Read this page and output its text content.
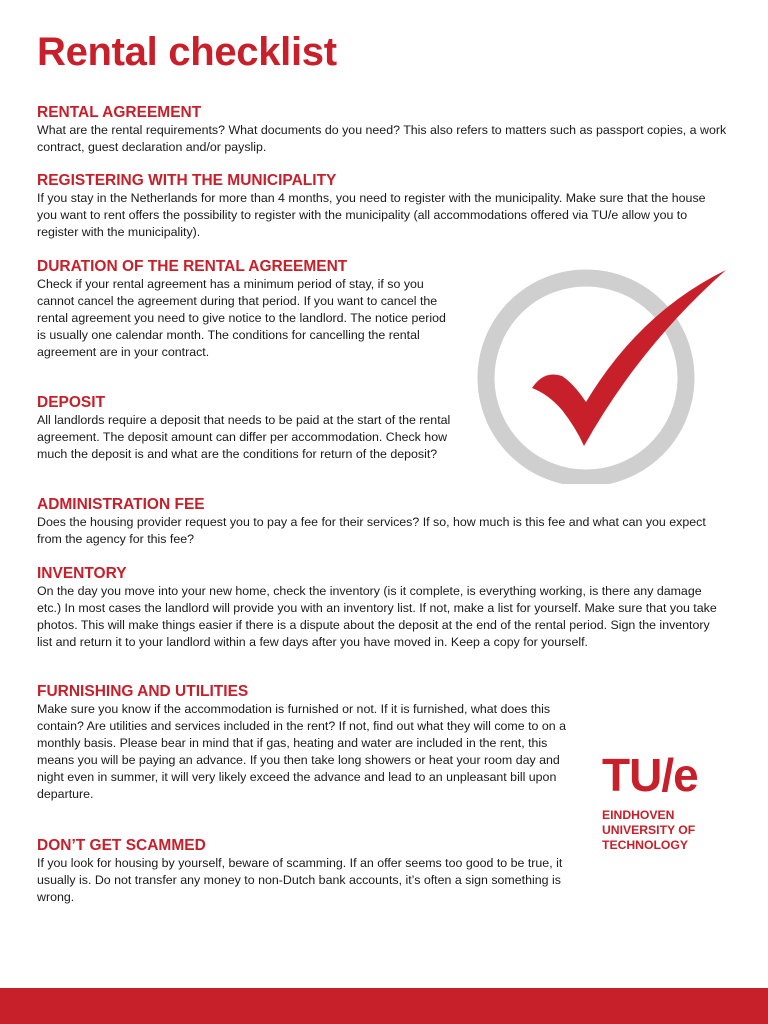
Rental checklist
RENTAL AGREEMENT

What are the rental requirements? What documents do you need? This also refers to matters such as passport copies, a work contract, guest declaration and/or payslip.

REGISTERING WITH THE MUNICIPALITY

If you stay in the Netherlands for more than 4 months, you need to register with the municipality. Make sure that the house you want to rent offers the possibility to register with the municipality (all accommodations offered via TU/e allow you to register with the municipality).

DURATION OF THE RENTAL AGREEMENT

Check if your rental agreement has a minimum period of stay, if so you cannot cancel the agreement during that period. If you want to cancel the rental agreement you need to give notice to the landlord. The notice period is usually one calendar month. The conditions for cancelling the rental agreement are in your contract.

DEPOSIT

All landlords require a deposit that needs to be paid at the start of the rental agreement. The deposit amount can differ per accommodation. Check how much the deposit is and what are the conditions for return of the deposit?

ADMINISTRATION FEE

Does the housing provider request you to pay a fee for their services? If so, how much is this fee and what can you expect from the agency for this fee?

INVENTORY

On the day you move into your new home, check the inventory (is it complete, is everything working, is there any damage etc.) In most cases the landlord will provide you with an inventory list. If not, make a list for yourself. Make sure that you take photos. This will make things easier if there is a dispute about the deposit at the end of the rental period. Sign the inventory list and return it to your landlord within a few days after you have moved in. Keep a copy for yourself.

FURNISHING AND UTILITIES

Make sure you know if the accommodation is furnished or not. If it is furnished, what does this contain? Are utilities and services included in the rent? If not, find out what they will come to on a monthly basis. Please bear in mind that if gas, heating and water are included in the rent, this means you will be paying an advance. If you then take long showers or heat your room day and night even in summer, it will very likely exceed the advance and lead to an unpleasant bill upon departure.

DON’T GET SCAMMED

If you look for housing by yourself, beware of scamming. If an offer seems too good to be true, it usually is. Do not transfer any money to non-Dutch bank accounts, it’s often a sign something is wrong.

TU/e
EINDHOVEN
UNIVERSITY OF
TECHNOLOGY
